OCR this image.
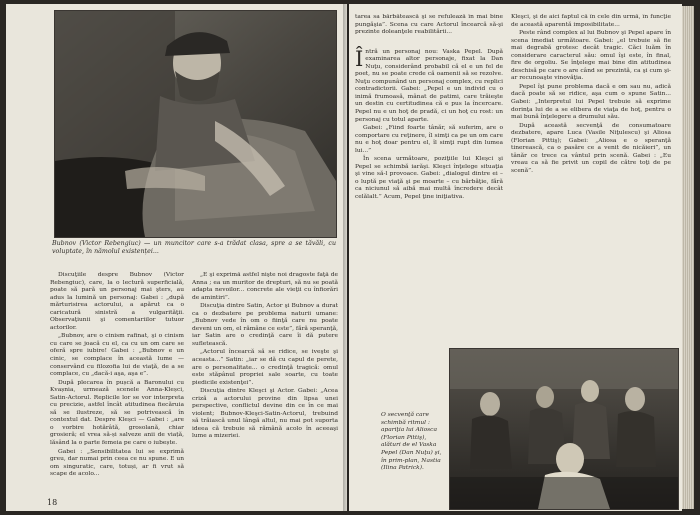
Bubnov (Victor Rebengiuc) — un muncitor care s-a trădat clasa, spre a se tăvăli, cu voluptate, în nămolul existenței...

Discuţiile despre Bubnov (Victor Rebengiuc), care, la o lectură superficială, poate să pară un personaj mai şters, au adus la lumină un personaj: Gabei : „după mărturisirea actorului, a apărut ca o caricatură sinistră a vulgarităţii. Observaţiunii şi comentariilor tutuor actorilor.

„Bubnov, are o cinism rafinat, şi o cinism cu care se joacă cu el, ca cu un om care se oferă spre iubire! Gabei : „Bubnov e un cinic, se complace în această lume — conservând cu filozofia lui de viaţă, de a se complace, cu „dacă-i aşa, aşa e”.

După plecarea în pușcă a Baronului cu Kvașnia, urmează scenele Anna-Kleșci, Satin-Actorul. Replicile lor se vor interpreta cu precizie, astfel încât atitudinea fiecăruia să se ilustreze, să se potrivească în contextul dat. Despre Kleșci — Gabei : „are o vorbire hotărâtă, grosolană, chiar grosieră; el vrea să-și salveze anii de viață, lăsând la o parte femeia pe care o iubește.

Gabei : „Sensibilitatea lui se exprimă greu, dar numai prin ceea ce nu spune. E un om singuratic, care, totuși, ar fi vrut să scape de acolo...

„E şi exprimă astfel nişte noi dragoste faţă de Anna ; ea un muritor de drepturi, să nu se poată adapta nevoilor... concrete ale vieţii cu înfiorări de amintiri”.

Discuţia dintre Satin, Actor şi Bubnov a durat ca o dezbatere pe problema naturii umane: „Bubnov vede în om o fiinţă care nu poate deveni un om, el rămâne ce este”, fără speranţă, iar Satin are o credinţă care îi dă putere sufletească.

„Actorul încearcă să se ridice, se iveşte şi aceasta...” Satin: „iar se dă cu capul de perete, are o personalitate... o credinţă tragică: omul este stăpânul propriei sale soarte, cu toate piedicile existenţei”.

Discuţia dintre Kleşci şi Actor. Gabei: „Acea criză a actorului provine din lipsa unei perspective, conflictul devine din ce în ce mai violent; Bubnov-Kleşci-Satin-Actorul, trebuind să trăiască unul lângă altul, nu mai pot suporta ideea că trebuie să rămână acolo în aceeaşi lume a mizeriei.

18

tarea sa bărbătească şi se refulează în mai bine pungăşia”. Scena cu care Actorul încearcă să-şi prezinte doleanţele reabilitării...

Întră un personaj nou: Vaska Pepel. După examinarea altor personaje, fixat la Dan Nuţu, considerând probabil că el e un fel de poet, nu se poate crede că oamenii să se rezolve. Nuţu compunând un personaj complex, cu replici contradictorii. Gabei: „Pepel e un individ cu o inimă frumoasă, mânat de patimi, care trăieşte un destin cu certitudinea că e pus la încercare. Pepel nu e un hoţ de pradă, ci un hoţ cu rost: un personaj cu totul aparte.

Gabei: „Fiind foarte tânăr, să suferim, are o comportare cu reţinere, îl simţi ca pe un om care nu e hoţ doar pentru el, îl simţi rupt din lumea lui...”

În scena următoare, poziţiile lui Kleşci şi Pepel se schimbă iarăşi. Kleşci înţelege situaţia şi vine să-l provoace. Gabei: „dialogul dintre ei – o luptă pe viaţă şi pe moarte – cu bărbăţie, fără ca niciunul să aibă mai multă încredere decât celălalt.” Acum, Pepel ţine iniţiativa.

Kleşci, şi de aici faptul că în cele din urmă, în funcţie de această aparentă imposibilitate...

Peste rând complex al lui Bubnov şi Pepel apare în scena imediat următoare. Gabei: „el trebuie să fie mai degrabă grotesc decât tragic. Căci luăm în considerare caracterul său: omul îşi este, în final, fire de orgoliu. Se înţelege mai bine din atitudinea deschisă pe care o are când se prezintă, ca şi cum şi-ar recunoaşte vinovăţia.

Pepel îşi pune problema dacă e om sau nu, adică dacă poate să se ridice, aşa cum o spune Satin... Gabei: „Interpretul lui Pepel trebuie să exprime dorinţa lui de a se elibera de viaţa de hoţ, pentru o mai bună înţelegere a drumului său.

După această secvenţă de consumatoare dezbatere, apare Luca (Vasile Niţulescu) şi Aliosa (Florian Pittiş); Gabei: „Aliosa e o speranţă tinerească, ca o pasăre ce a venit de nicăieri”, un tânăr ce trece ca vântul prin scenă. Gabei : „Eu vreau ca să fie privit un copil de către toţi de pe scenă”.

O secvenţă care schimbă ritmul : apariţia lui Aliosca (Florian Pittiş), alături de el Vaska Pepel (Dan Nuţu) şi, în prim-plan, Nastia (Ilina Patrick).
